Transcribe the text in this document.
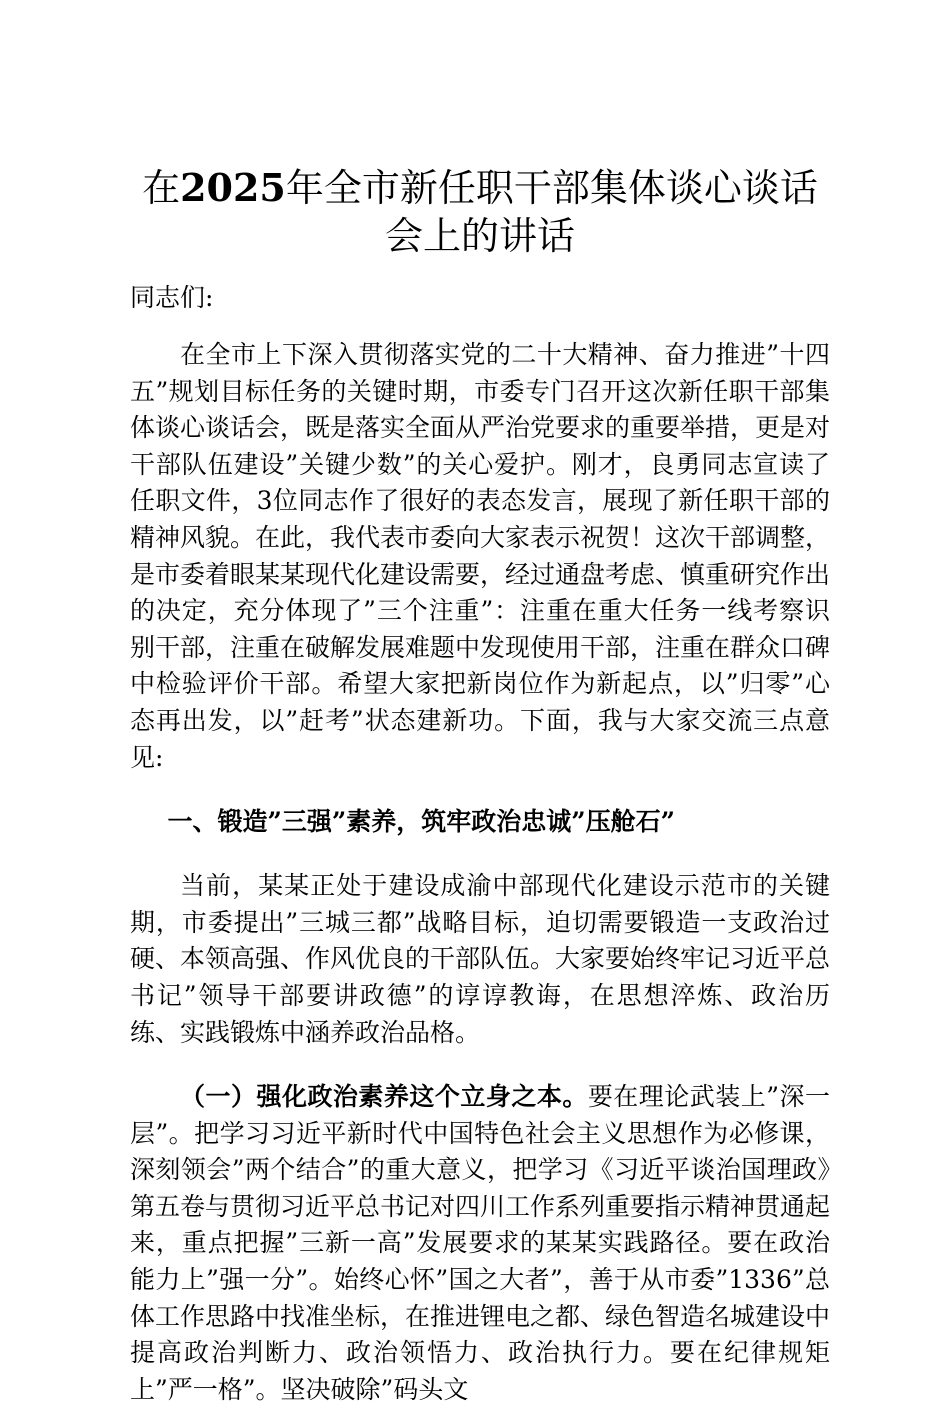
在2025年全市新任职干部集体谈心谈话会上的讲话

同志们:

在全市上下深入贯彻落实党的二十大精神、奋力推进”十四五”规划目标任务的关键时期，市委专门召开这次新任职干部集体谈心谈话会，既是落实全面从严治党要求的重要举措，更是对干部队伍建设”关键少数”的关心爱护。刚才，良勇同志宣读了任职文件，3位同志作了很好的表态发言，展现了新任职干部的精神风貌。在此，我代表市委向大家表示祝贺！这次干部调整，是市委着眼某某现代化建设需要，经过通盘考虑、慎重研究作出的决定，充分体现了”三个注重”：注重在重大任务一线考察识别干部，注重在破解发展难题中发现使用干部，注重在群众口碑中检验评价干部。希望大家把新岗位作为新起点，以”归零”心态再出发，以”赶考”状态建新功。下面，我与大家交流三点意见:

一、锻造”三强”素养，筑牢政治忠诚”压舱石”

当前，某某正处于建设成渝中部现代化建设示范市的关键期，市委提出”三城三都”战略目标，迫切需要锻造一支政治过硬、本领高强、作风优良的干部队伍。大家要始终牢记习近平总书记”领导干部要讲政德”的谆谆教诲，在思想淬炼、政治历练、实践锻炼中涵养政治品格。

（一）强化政治素养这个立身之本。要在理论武装上”深一层”。把学习习近平新时代中国特色社会主义思想作为必修课，深刻领会”两个结合”的重大意义，把学习《习近平谈治国理政》第五卷与贯彻习近平总书记对四川工作系列重要指示精神贯通起来，重点把握”三新一高”发展要求的某某实践路径。要在政治能力上”强一分”。始终心怀”国之大者”，善于从市委”1336”总体工作思路中找准坐标，在推进锂电之都、绿色智造名城建设中提高政治判断力、政治领悟力、政治执行力。要在纪律规矩上”严一格”。坚决破除”码头文
